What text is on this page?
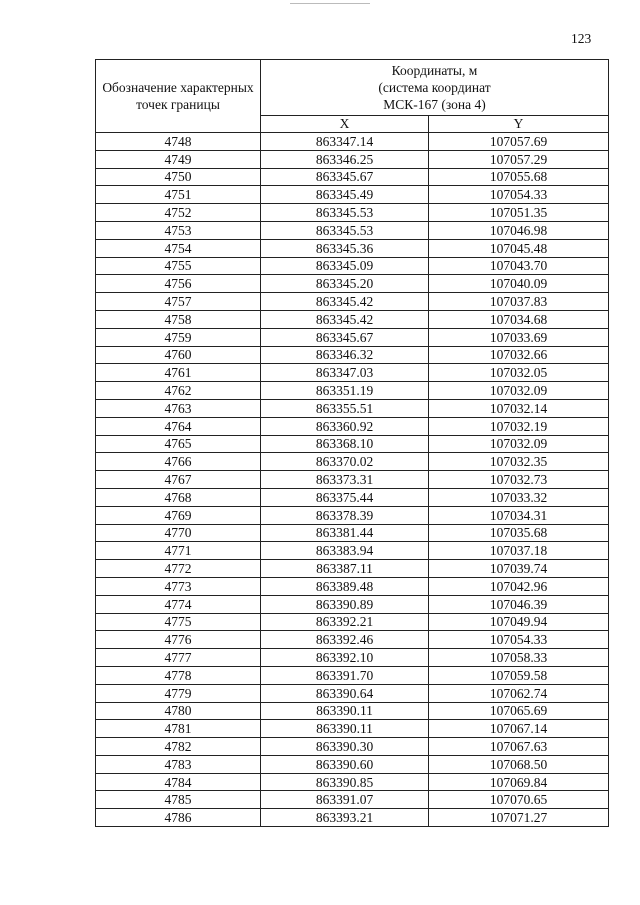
123
Обозначение характерных точек границы	Координаты, м
(система координат
МСК-167 (зона 4)	
	X	Y
4748	863347.14	107057.69
4749	863346.25	107057.29
4750	863345.67	107055.68
4751	863345.49	107054.33
4752	863345.53	107051.35
4753	863345.53	107046.98
4754	863345.36	107045.48
4755	863345.09	107043.70
4756	863345.20	107040.09
4757	863345.42	107037.83
4758	863345.42	107034.68
4759	863345.67	107033.69
4760	863346.32	107032.66
4761	863347.03	107032.05
4762	863351.19	107032.09
4763	863355.51	107032.14
4764	863360.92	107032.19
4765	863368.10	107032.09
4766	863370.02	107032.35
4767	863373.31	107032.73
4768	863375.44	107033.32
4769	863378.39	107034.31
4770	863381.44	107035.68
4771	863383.94	107037.18
4772	863387.11	107039.74
4773	863389.48	107042.96
4774	863390.89	107046.39
4775	863392.21	107049.94
4776	863392.46	107054.33
4777	863392.10	107058.33
4778	863391.70	107059.58
4779	863390.64	107062.74
4780	863390.11	107065.69
4781	863390.11	107067.14
4782	863390.30	107067.63
4783	863390.60	107068.50
4784	863390.85	107069.84
4785	863391.07	107070.65
4786	863393.21	107071.27
